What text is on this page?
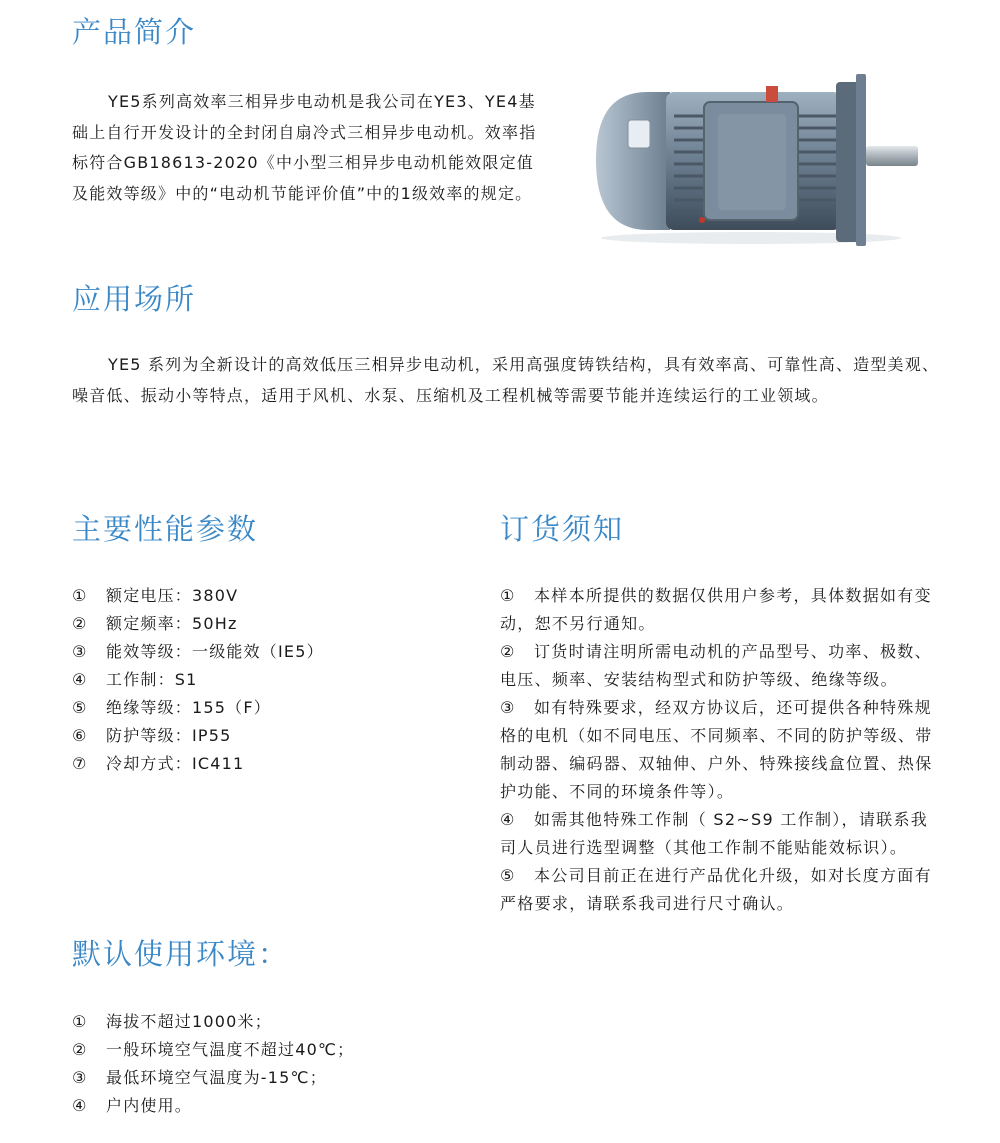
产品简介

YE5系列高效率三相异步电动机是我公司在YE3、YE4基础上自行开发设计的全封闭自扇冷式三相异步电动机。效率指标符合GB18613-2020《中小型三相异步电动机能效限定值及能效等级》中的“电动机节能评价值”中的1级效率的规定。

应用场所

YE5 系列为全新设计的高效低压三相异步电动机，采用高强度铸铁结构，具有效率高、可靠性高、造型美观、噪音低、振动小等特点，适用于风机、水泵、压缩机及工程机械等需要节能并连续运行的工业领域。

主要性能参数
①	额定电压：380V
②	额定频率：50Hz
③	能效等级：一级能效（IE5）
④	工作制：S1
⑤	绝缘等级：155（F）
⑥	防护等级：IP55
⑦	冷却方式：IC411
订货须知
① 本样本所提供的数据仅供用户参考，具体数据如有变动，恕不另行通知。
② 订货时请注明所需电动机的产品型号、功率、极数、电压、频率、安装结构型式和防护等级、绝缘等级。
③ 如有特殊要求，经双方协议后，还可提供各种特殊规格的电机（如不同电压、不同频率、不同的防护等级、带制动器、编码器、双轴伸、户外、特殊接线盒位置、热保护功能、不同的环境条件等）。
④ 如需其他特殊工作制（ S2~S9 工作制），请联系我司人员进行选型调整（其他工作制不能贴能效标识）。
⑤ 本公司目前正在进行产品优化升级，如对长度方面有严格要求，请联系我司进行尺寸确认。
默认使用环境：
①	海拔不超过1000米；
②	一般环境空气温度不超过40℃；
③	最低环境空气温度为-15℃；
④	户内使用。
